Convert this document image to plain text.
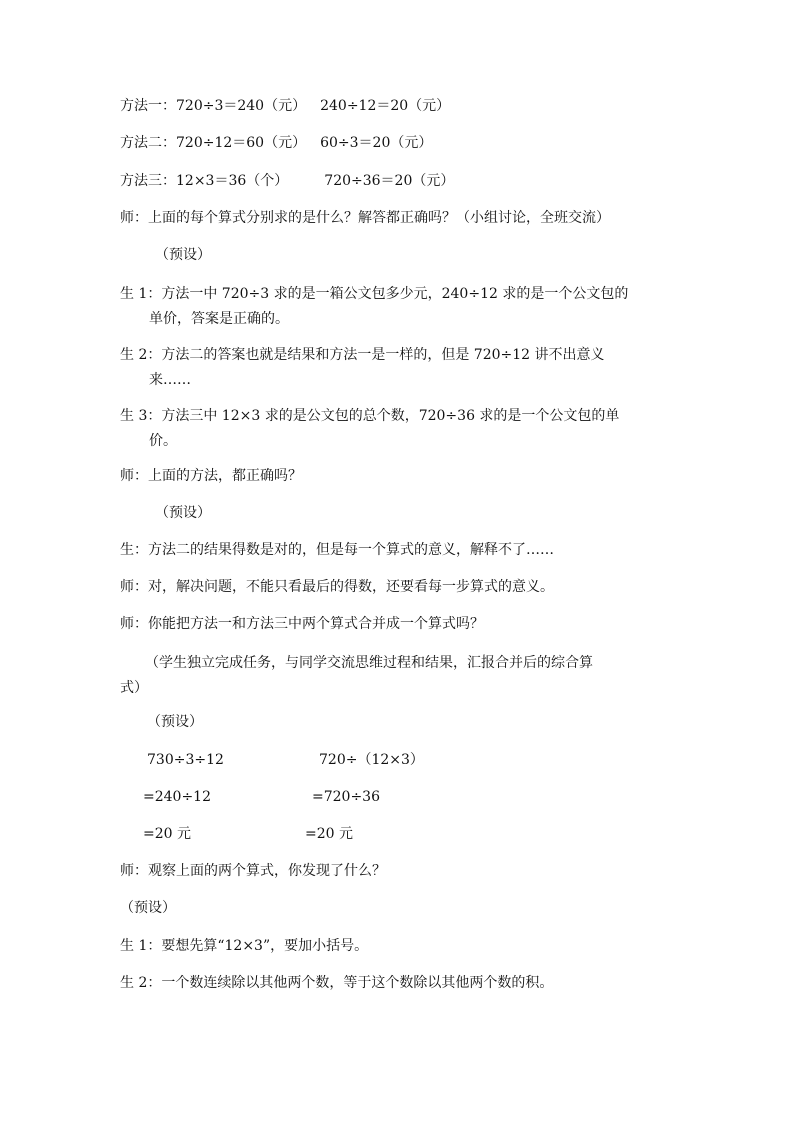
方法一：720÷3＝240（元） 240÷12＝20（元）
方法二：720÷12＝60（元） 60÷3＝20（元）
方法三：12×3＝36（个）	720÷36＝20（元）
师：上面的每个算式分别求的是什么？解答都正确吗？（小组讨论，全班交流）
（预设）
生 1：方法一中 720÷3 求的是一箱公文包多少元，240÷12 求的是一个公文包的
单价，答案是正确的。
生 2：方法二的答案也就是结果和方法一是一样的，但是 720÷12 讲不出意义
来……
生 3：方法三中 12×3 求的是公文包的总个数，720÷36 求的是一个公文包的单
价。
师：上面的方法，都正确吗？
（预设）
生：方法二的结果得数是对的，但是每一个算式的意义，解释不了……
师：对，解决问题，不能只看最后的得数，还要看每一步算式的意义。
师：你能把方法一和方法三中两个算式合并成一个算式吗？
（学生独立完成任务，与同学交流思维过程和结果，汇报合并后的综合算
式）
（预设）
730÷3÷12	720÷（12×3）
=240÷12	=720÷36
=20 元	=20 元
师：观察上面的两个算式，你发现了什么？
（预设）
生 1：要想先算“12×3”，要加小括号。
生 2：一个数连续除以其他两个数，等于这个数除以其他两个数的积。
